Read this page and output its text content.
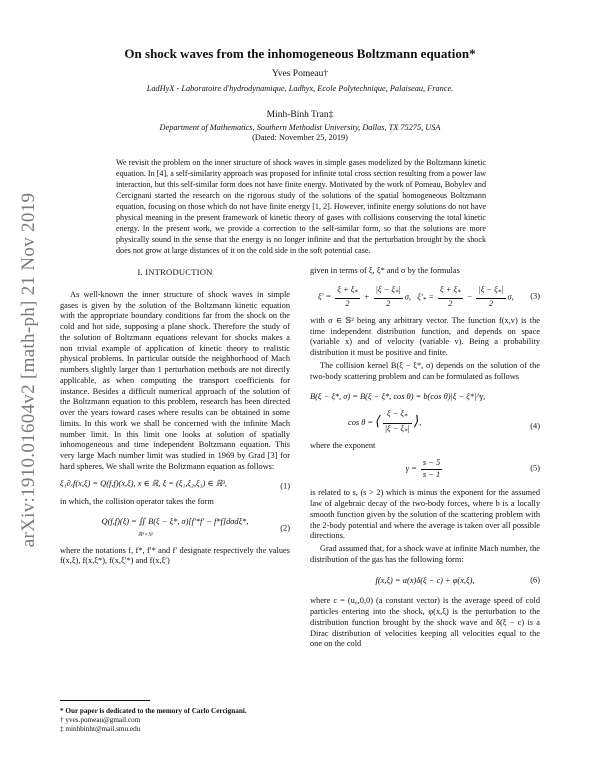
arXiv:1910.01604v2 [math-ph] 21 Nov 2019
On shock waves from the inhomogeneous Boltzmann equation*
Yves Pomeau†
LadHyX - Laboratoire d'hydrodynamique, Ladhyx, Ecole Polytechnique, Palaiseau, France.
Minh-Binh Tran‡
Department of Mathematics, Southern Methodist University, Dallas, TX 75275, USA
(Dated: November 25, 2019)
We revisit the problem on the inner structure of shock waves in simple gases modelized by the Boltzmann kinetic equation. In [4], a self-similarity approach was proposed for infinite total cross section resulting from a power law interaction, but this self-similar form does not have finite energy. Motivated by the work of Pomeau, Bobylev and Cercignani started the research on the rigorous study of the solutions of the spatial homogeneous Boltzmann equation, focusing on those which do not have finite energy [1, 2]. However, infinite energy solutions do not have physical meaning in the present framework of kinetic theory of gases with collisions conserving the total kinetic energy. In the present work, we provide a correction to the self-similar form, so that the solutions are more physically sound in the sense that the energy is no longer infinite and that the perturbation brought by the shock does not grow at large distances of it on the cold side in the soft potential case.
I. INTRODUCTION

As well-known the inner structure of shock waves in simple gases is given by the solution of the Boltzmann kinetic equation with the appropriate boundary conditions far from the shock on the cold and hot side, supposing a plane shock. Therefore the study of the solution of Boltzmann equations relevant for shocks makes a non trivial example of application of kinetic theory to realistic physical problems. In particular outside the neighborhood of Mach numbers slightly larger than 1 perturbation methods are not directly applicable, as when computing the transport coefficients for instance. Besides a difficult numerical approach of the solution of the Boltzmann equation to this problem, research has been directed over the years toward cases where results can be obtained in some limits. In this work we shall be concerned with the infinite Mach number limit. In this limit one looks at solution of spatially inhomogeneous and time independent Boltzmann equation. This very large Mach number limit was studied in 1969 by Grad [3] for hard spheres. We shall write the Boltzmann equation as follows:

ξ₁∂ₓf(x,ξ) = Q(f,f)(x,ξ), x ∈ ℝ, ξ = (ξ₁,ξ₂,ξ₃) ∈ ℝ³,	(1)

in which, the collision operator takes the form

Q(f,f)(ξ) = ∬ B(ξ − ξ*, σ)[f′*f′ − f*f]dσdξ*,
(2)
ℝ³×𝕊²

where the notations f, f*, f′* and f′ designate respectively the values f(x,ξ), f(x,ξ*), f(x,ξ′*) and f(x,ξ′)

given in terms of ξ, ξ* and σ by the formulas

$\xi' = \frac{\xi + \xi_*}{2} + \frac{|\xi - \xi_*|}{2} \sigma$,   $\xi'_* = \frac{\xi + \xi_*}{2} - \frac{|\xi - \xi_*|}{2} \sigma$, (3)

with σ ∈ 𝕊² being any arbitrary vector. The function f(x,v) is the time independent distribution function, and depends on space (variable x) and of velocity (variable v). Being a probability distribution it must be positive and finite.

The collision kernel B(ξ − ξ*, σ) depends on the solution of the two-body scattering problem and can be formulated as follows

B(ξ − ξ*, σ) = B(ξ − ξ*, cos θ) = b(cos θ)|ξ − ξ*|^γ,
cos θ = ⟨ $\frac{\xi - \xi_*}{|\xi - \xi_*|}$ ⟩,	(4)

where the exponent

$\gamma = \frac{s - 5}{s - 1}$	(5)

is related to s, (s > 2) which is minus the exponent for the assumed law of algebraic decay of the two-body forces, where b is a locally smooth function given by the solution of the scattering problem with the 2-body potential and where the average is taken over all possible directions.

Grad assumed that, for a shock wave at infinite Mach number, the distribution of the gas has the following form:

f(x,ξ) = α(x)δ(ξ − c) + φ(x,ξ),	(6)

where c = (u₀,0,0) (a constant vector) is the average speed of cold particles entering into the shock, φ(x,ξ) is the perturbation to the distribution function brought by the shock wave and δ(ξ − c) is a Dirac distribution of velocities keeping all velocities equal to the one on the cold

* Our paper is dedicated to the memory of Carlo Cercignani.
† yves.pomeau@gmail.com
‡ minhbinht@mail.smu.edu
